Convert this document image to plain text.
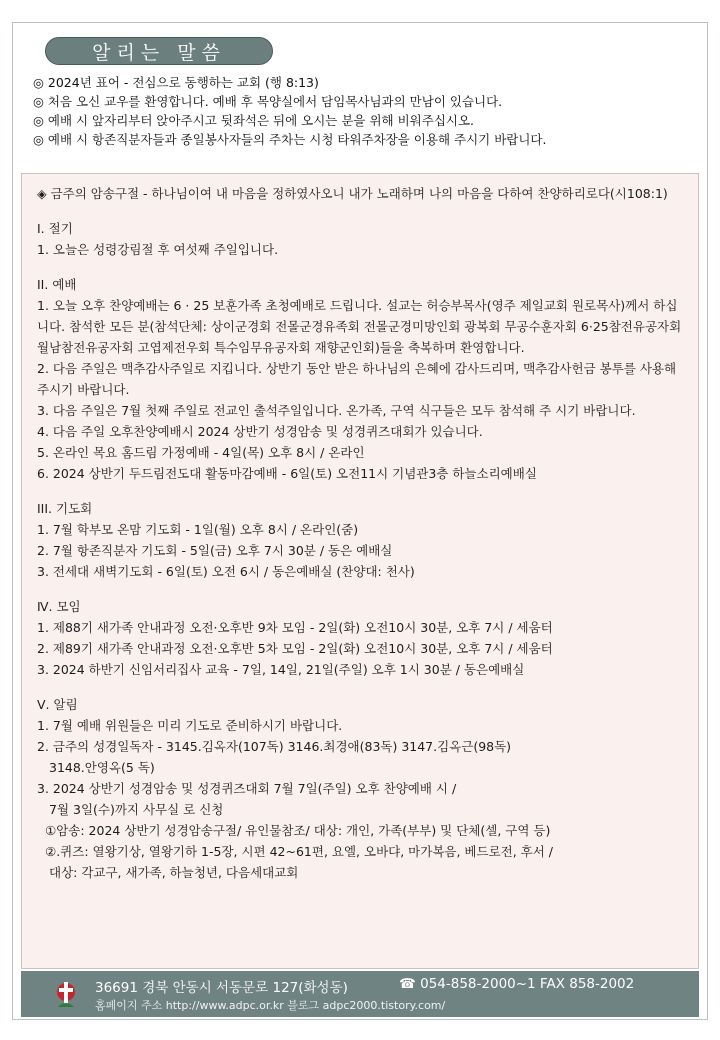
알리는 말씀
◎ 2024년 표어 - 전심으로 동행하는 교회 (행 8:13)
◎ 처음 오신 교우를 환영합니다. 예배 후 목양실에서 담임목사님과의 만남이 있습니다.
◎ 예배 시 앞자리부터 앉아주시고 뒷좌석은 뒤에 오시는 분을 위해 비워주십시오.
◎ 예배 시 항존직분자들과 종일봉사자들의 주차는 시청 타워주차장을 이용해 주시기 바랍니다.
◈ 금주의 암송구절 - 하나님이여 내 마음을 정하였사오니 내가 노래하며 나의 마음을 다하여 찬양하리로다(시108:1)
I. 절기
1. 오늘은 성령강림절 후 여섯째 주일입니다.
II. 예배
1. 오늘 오후 찬양예배는 6 · 25 보훈가족 초청예배로 드립니다. 설교는 허승부목사(영주 제일교회 원로목사)께서 하십니다. 참석한 모든 분(참석단체: 상이군경회 전몰군경유족회 전몰군경미망인회 광복회 무공수훈자회 6·25참전유공자회 월남참전유공자회 고엽제전우회 특수임무유공자회 재향군인회)들을 축복하며 환영합니다.
2. 다음 주일은 맥추감사주일로 지킵니다. 상반기 동안 받은 하나님의 은혜에 감사드리며, 맥추감사헌금 봉투를 사용해 주시기 바랍니다.
3. 다음 주일은 7월 첫째 주일로 전교인 출석주일입니다. 온가족, 구역 식구들은 모두 참석해 주 시기 바랍니다.
4. 다음 주일 오후찬양예배시 2024 상반기 성경암송 및 성경퀴즈대회가 있습니다.
5. 온라인 목요 홈드림 가정예배 - 4일(목) 오후 8시 / 온라인
6. 2024 상반기 두드림전도대 활동마감예배 - 6일(토) 오전11시 기념관3층 하늘소리예배실
III. 기도회
1. 7월 학부모 온맘 기도회 - 1일(월) 오후 8시 / 온라인(줌)
2. 7월 항존직분자 기도회 - 5일(금) 오후 7시 30분 / 동은 예배실
3. 전세대 새벽기도회 - 6일(토) 오전 6시 / 동은예배실 (찬양대: 천사)
Ⅳ. 모임
1. 제88기 새가족 안내과정 오전·오후반 9차 모임 - 2일(화) 오전10시 30분, 오후 7시 / 세움터
2. 제89기 새가족 안내과정 오전·오후반 5차 모임 - 2일(화) 오전10시 30분, 오후 7시 / 세움터
3. 2024 하반기 신임서리집사 교육 - 7일, 14일, 21일(주일) 오후 1시 30분 / 동은예배실
Ⅴ. 알림
1. 7월 예배 위원들은 미리 기도로 준비하시기 바랍니다.
2. 금주의 성경일독자 - 3145.김옥자(107독) 3146.최경애(83독) 3147.김옥근(98독)
3148.안영옥(5 독)
3. 2024 상반기 성경암송 및 성경퀴즈대회 7월 7일(주일) 오후 찬양예배 시 /
7월 3일(수)까지 사무실 로 신청
①암송: 2024 상반기 성경암송구절/ 유인물참조/ 대상: 개인, 가족(부부) 및 단체(셀, 구역 등)
②.퀴즈: 열왕기상, 열왕기하 1-5장, 시편 42~61편, 요엘, 오바댜, 마가복음, 베드로전, 후서 /
대상: 각교구, 새가족, 하늘청년, 다음세대교회
36691 경북 안동시 서동문로 127(화성동)	☎ 054-858-2000~1 FAX 858-2002
홈페이지 주소 http://www.adpc.or.kr 블로그 adpc2000.tistory.com/
